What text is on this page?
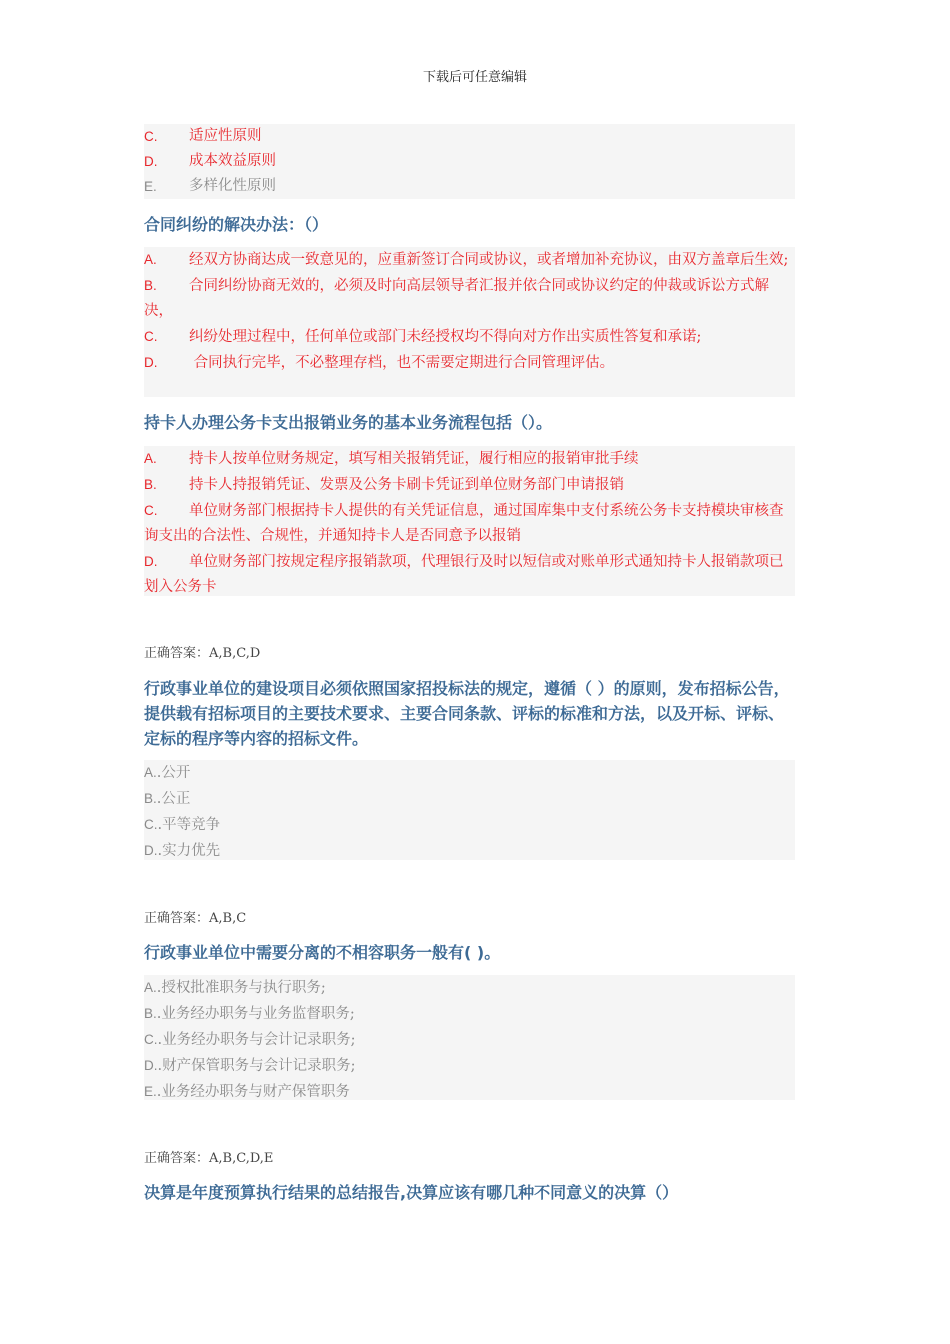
下载后可任意编辑
C.	适应性原则
D.	成本效益原则
E.	多样化性原则
合同纠纷的解决办法：（）
A. 经双方协商达成一致意见的，应重新签订合同或协议，或者增加补充协议，由双方盖章后生效;
B. 合同纠纷协商无效的，必须及时向高层领导者汇报并依合同或协议约定的仲裁或诉讼方式解决，
C. 纠纷处理过程中，任何单位或部门未经授权均不得向对方作出实质性答复和承诺;
D. 合同执行完毕，不必整理存档，也不需要定期进行合同管理评估。
持卡人办理公务卡支出报销业务的基本业务流程包括（）。
A. 持卡人按单位财务规定，填写相关报销凭证，履行相应的报销审批手续
B. 持卡人持报销凭证、发票及公务卡刷卡凭证到单位财务部门申请报销
C. 单位财务部门根据持卡人提供的有关凭证信息，通过国库集中支付系统公务卡支持模块审核查询支出的合法性、合规性，并通知持卡人是否同意予以报销
D. 单位财务部门按规定程序报销款项，代理银行及时以短信或对账单形式通知持卡人报销款项已划入公务卡
正确答案：A,B,C,D
行政事业单位的建设项目必须依照国家招投标法的规定，遵循（ ）的原则，发布招标公告，提供载有招标项目的主要技术要求、主要合同条款、评标的标准和方法，以及开标、评标、定标的程序等内容的招标文件。
A..公开
B..公正
C..平等竞争
D..实力优先
正确答案：A,B,C
行政事业单位中需要分离的不相容职务一般有( )。
A..授权批准职务与执行职务;
B..业务经办职务与业务监督职务;
C..业务经办职务与会计记录职务;
D..财产保管职务与会计记录职务;
E..业务经办职务与财产保管职务
正确答案：A,B,C,D,E
决算是年度预算执行结果的总结报告,决算应该有哪几种不同意义的决算（）
